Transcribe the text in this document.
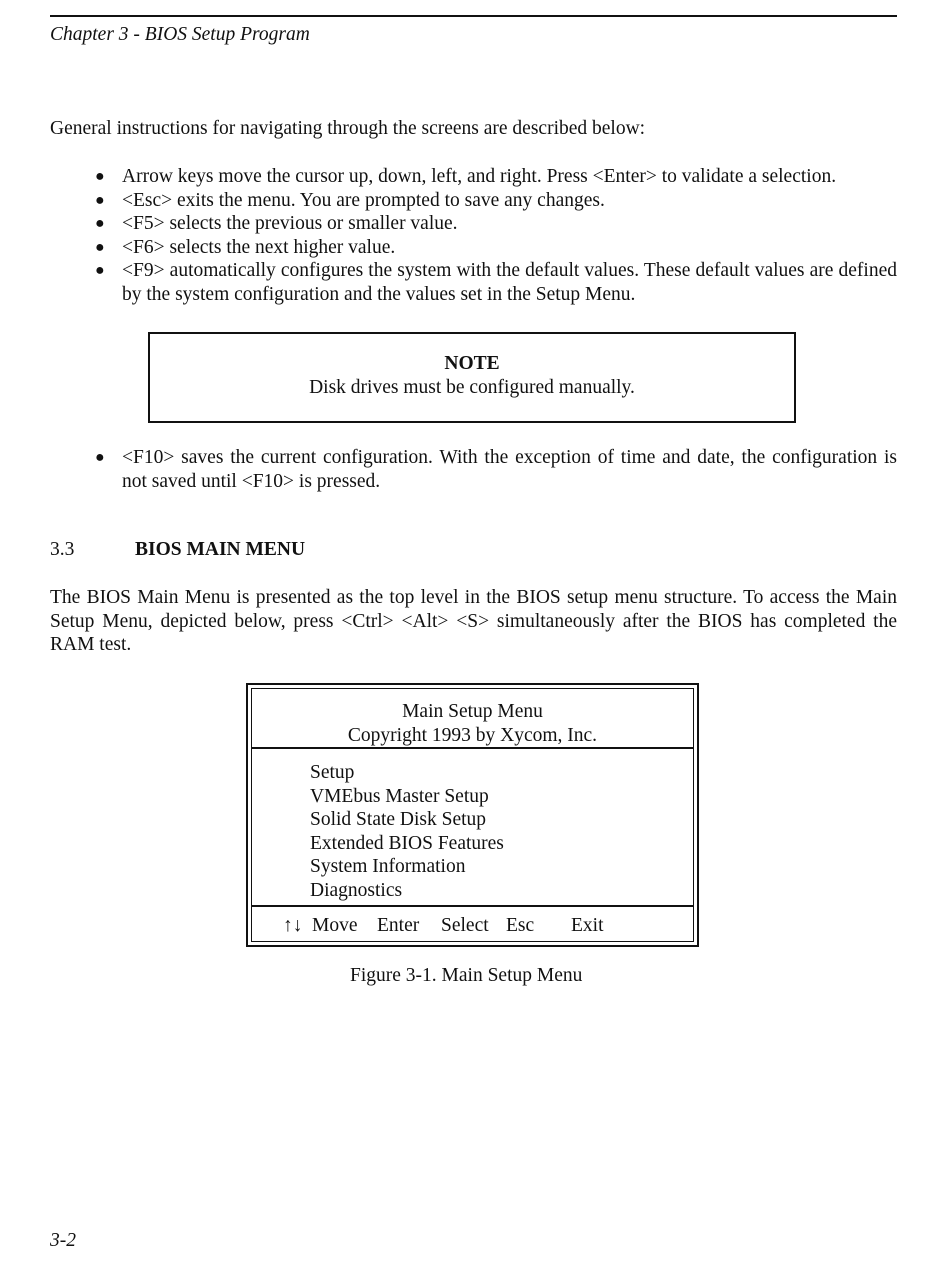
Chapter 3 - BIOS Setup Program
General instructions for navigating through the screens are described below:
● Arrow keys move the cursor up, down, left, and right. Press <Enter> to validate a selection.
● <Esc> exits the menu. You are prompted to save any changes.
● <F5> selects the previous or smaller value.
● <F6> selects the next higher value.
● <F9> automatically configures the system with the default values. These default values are defined by the system configuration and the values set in the Setup Menu.
NOTE
Disk drives must be configured manually.
● <F10> saves the current configuration. With the exception of time and date, the configuration is not saved until <F10> is pressed.
3.3	BIOS MAIN MENU
The BIOS Main Menu is presented as the top level in the BIOS setup menu structure. To access the Main Setup Menu, depicted below, press <Ctrl> <Alt> <S> simultaneously after the BIOS has completed the RAM test.
Main Setup Menu
Copyright 1993 by Xycom, Inc.
Setup
VMEbus Master Setup
Solid State Disk Setup
Extended BIOS Features
System Information
Diagnostics
↑↓ Move Enter Select Esc Exit
Figure 3-1. Main Setup Menu
3-2
